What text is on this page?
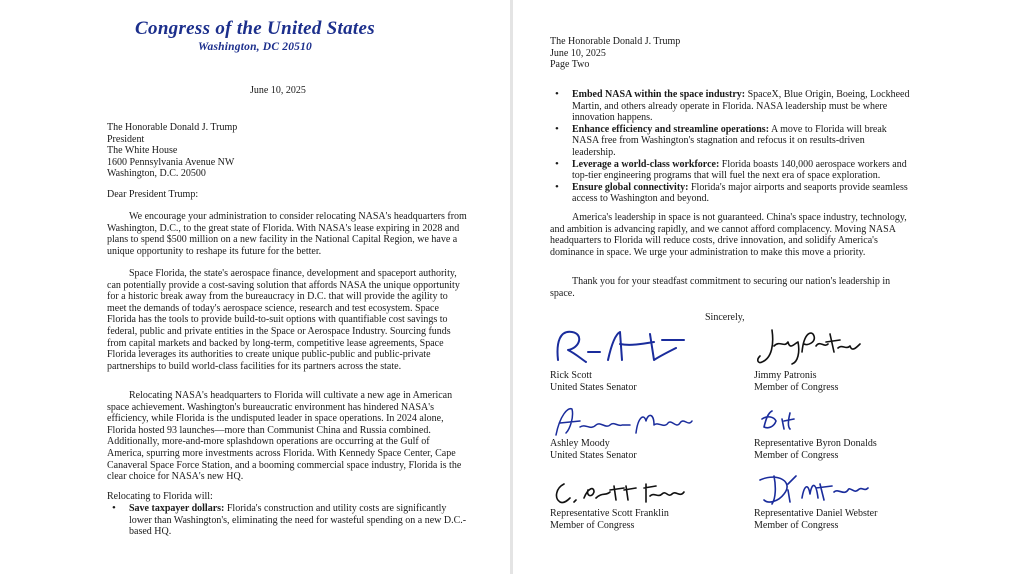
Congress of the United States
Washington, DC 20510
June 10, 2025
The Honorable Donald J. Trump
President
The White House
1600 Pennsylvania Avenue NW
Washington, D.C. 20500
Dear President Trump:

We encourage your administration to consider relocating NASA's headquarters from Washington, D.C., to the great state of Florida. With NASA's lease expiring in 2028 and plans to spend $500 million on a new facility in the National Capital Region, we have a unique opportunity to reshape its future for the better.

Space Florida, the state's aerospace finance, development and spaceport authority, can potentially provide a cost-saving solution that affords NASA the unique opportunity for a historic break away from the bureaucracy in D.C. that will provide the agility to meet the demands of today's aerospace science, research and test ecosystem. Space Florida has the tools to provide build-to-suit options with quantifiable cost savings to federal, public and private entities in the Space or Aerospace Industry. Sourcing funds from capital markets and backed by long-term, competitive lease agreements, Space Florida leverages its authorities to create unique public-public and public-private partnerships to build world-class facilities for its partners across the state.

Relocating NASA's headquarters to Florida will cultivate a new age in American space achievement. Washington's bureaucratic environment has hindered NASA's efficiency, while Florida is the undisputed leader in space operations. In 2024 alone, Florida hosted 93 launches—more than Communist China and Russia combined. Additionally, more-and-more splashdown operations are occurring at the Gulf of America, spurring more investments across Florida. With Kennedy Space Center, Cape Canaveral Space Force Station, and a booming commercial space industry, Florida is the clear choice for NASA's new HQ.

Relocating to Florida will:
• Save taxpayer dollars: Florida's construction and utility costs are significantly lower than Washington's, eliminating the need for wasteful spending on a new D.C.-based HQ.
The Honorable Donald J. Trump
June 10, 2025
Page Two
• Embed NASA within the space industry: SpaceX, Blue Origin, Boeing, Lockheed Martin, and others already operate in Florida. NASA leadership must be where innovation happens.
• Enhance efficiency and streamline operations: A move to Florida will break NASA free from Washington's stagnation and refocus it on results-driven leadership.
• Leverage a world-class workforce: Florida boasts 140,000 aerospace workers and top-tier engineering programs that will fuel the next era of space exploration.
• Ensure global connectivity: Florida's major airports and seaports provide seamless access to Washington and beyond.

America's leadership in space is not guaranteed. China's space industry, technology, and ambition is advancing rapidly, and we cannot afford complacency. Moving NASA headquarters to Florida will reduce costs, drive innovation, and solidify America's dominance in space. We urge your administration to make this move a priority.

Thank you for your steadfast commitment to securing our nation's leadership in space.

Sincerely,
Rick Scott
United States Senator
Jimmy Patronis
Member of Congress
Ashley Moody
United States Senator
Representative Byron Donalds
Member of Congress
Representative Scott Franklin
Member of Congress
Representative Daniel Webster
Member of Congress
